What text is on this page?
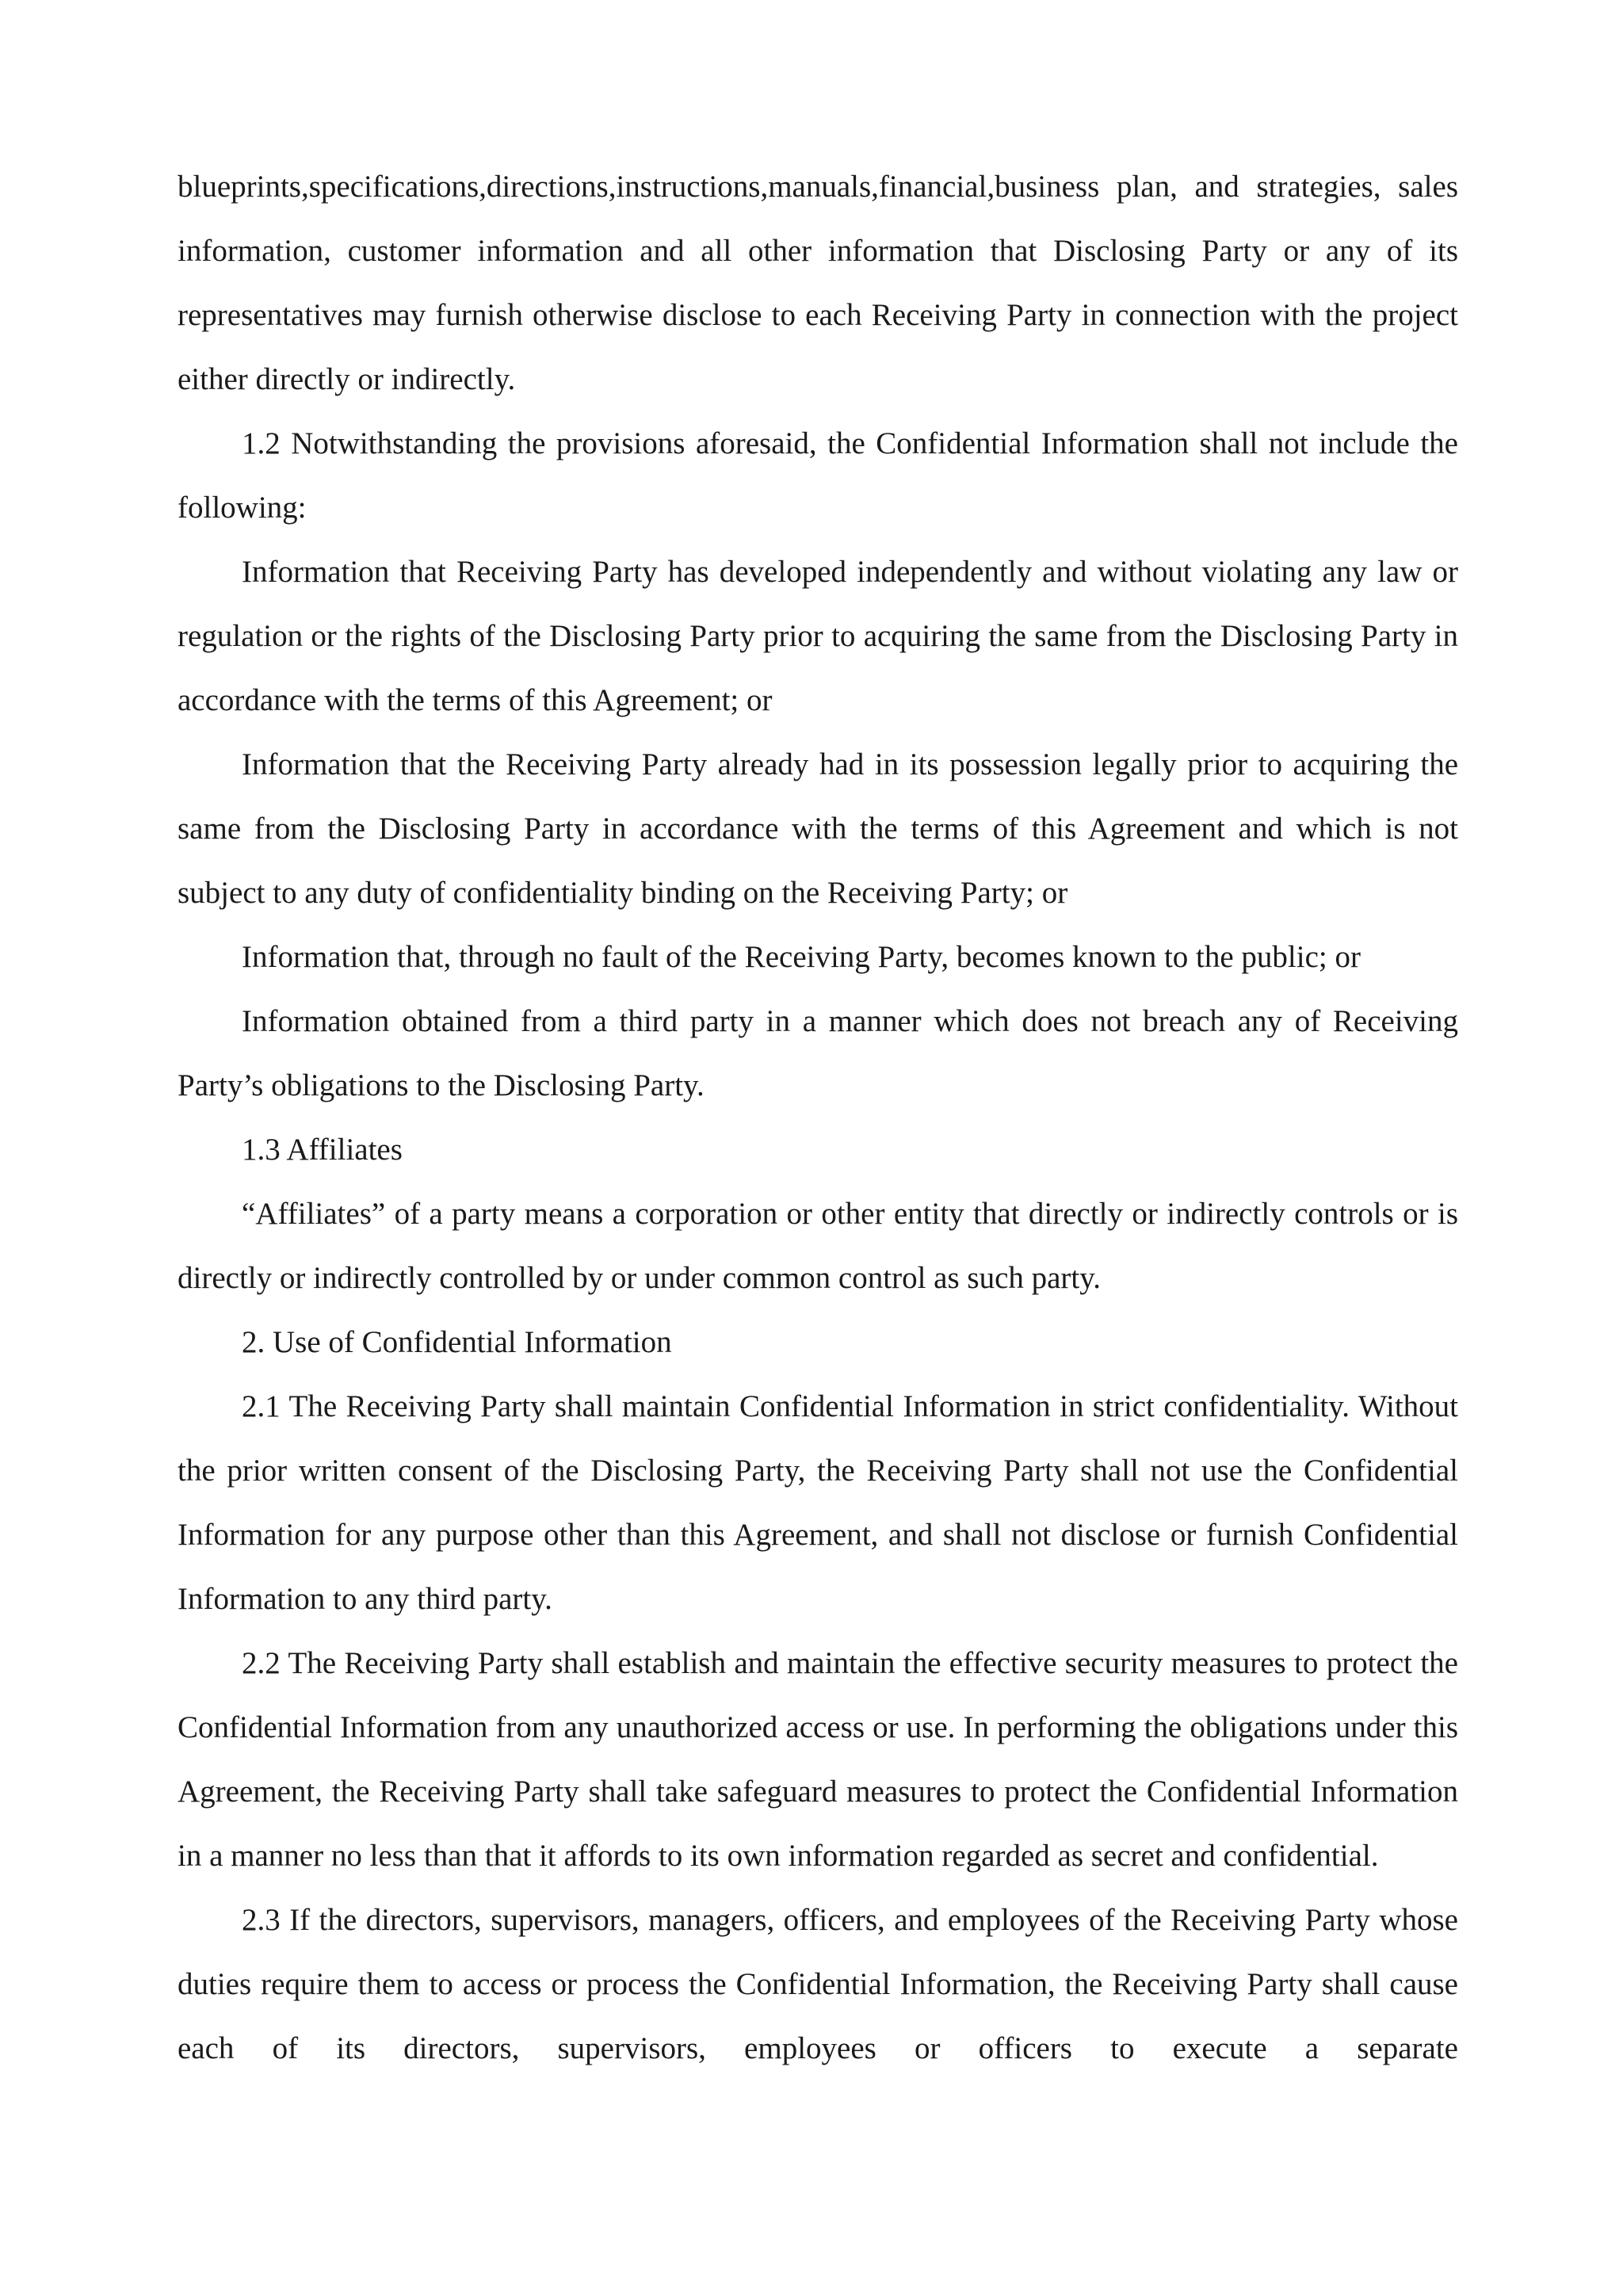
blueprints,specifications,directions,instructions,manuals,financial,business plan, and strategies, sales information, customer information and all other information that Disclosing Party or any of its representatives may furnish otherwise disclose to each Receiving Party in connection with the project either directly or indirectly.

1.2 Notwithstanding the provisions aforesaid, the Confidential Information shall not include the following:

Information that Receiving Party has developed independently and without violating any law or regulation or the rights of the Disclosing Party prior to acquiring the same from the Disclosing Party in accordance with the terms of this Agreement; or

Information that the Receiving Party already had in its possession legally prior to acquiring the same from the Disclosing Party in accordance with the terms of this Agreement and which is not subject to any duty of confidentiality binding on the Receiving Party; or

Information that, through no fault of the Receiving Party, becomes known to the public; or

Information obtained from a third party in a manner which does not breach any of Receiving Party’s obligations to the Disclosing Party.

1.3 Affiliates

“Affiliates” of a party means a corporation or other entity that directly or indirectly controls or is directly or indirectly controlled by or under common control as such party.

2. Use of Confidential Information

2.1 The Receiving Party shall maintain Confidential Information in strict confidentiality. Without the prior written consent of the Disclosing Party, the Receiving Party shall not use the Confidential Information for any purpose other than this Agreement, and shall not disclose or furnish Confidential Information to any third party.

2.2 The Receiving Party shall establish and maintain the effective security measures to protect the Confidential Information from any unauthorized access or use. In performing the obligations under this Agreement, the Receiving Party shall take safeguard measures to protect the Confidential Information in a manner no less than that it affords to its own information regarded as secret and confidential.

2.3 If the directors, supervisors, managers, officers, and employees of the Receiving Party whose duties require them to access or process the Confidential Information, the Receiving Party shall cause each of its directors, supervisors, employees or officers to execute a separate
